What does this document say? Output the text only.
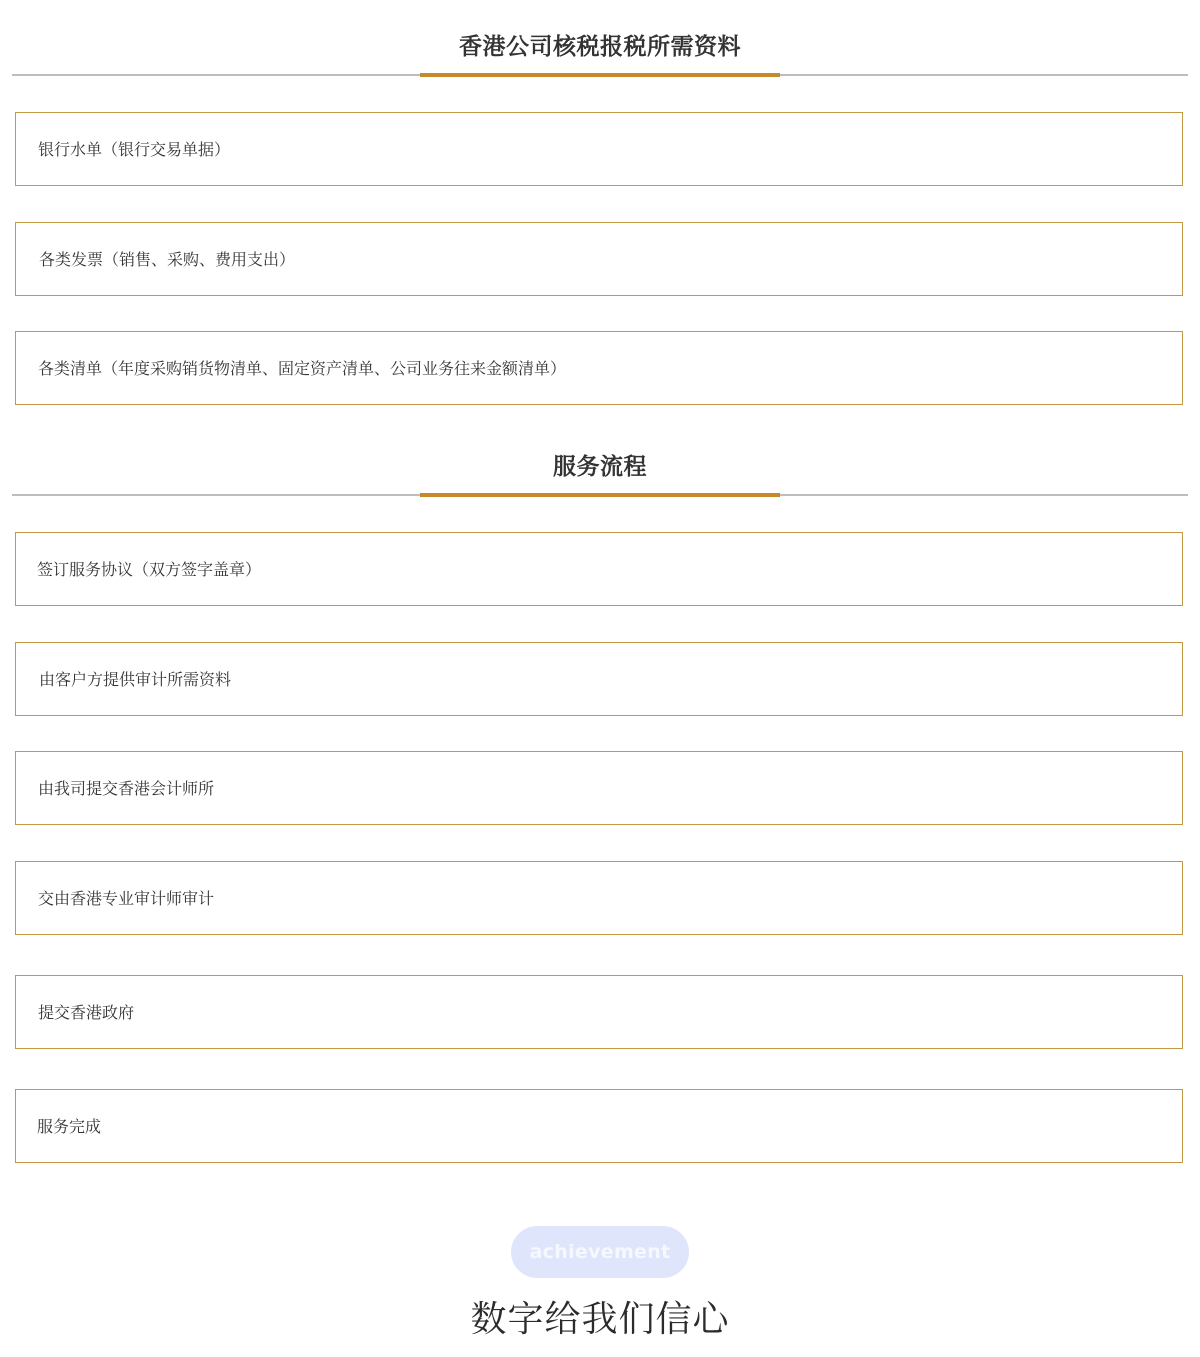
香港公司核税报税所需资料
银行水单（银行交易单据）
各类发票（销售、采购、费用支出）
各类清单（年度采购销货物清单、固定资产清单、公司业务往来金额清单）
服务流程
签订服务协议（双方签字盖章）
由客户方提供审计所需资料
由我司提交香港会计师所
交由香港专业审计师审计
提交香港政府
服务完成
achievement
数字给我们信心
